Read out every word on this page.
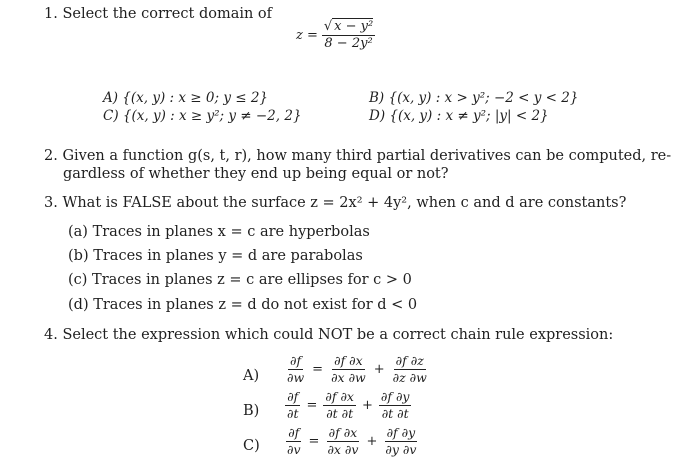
1. Select the correct domain of
$z = \frac{\text{√ x − y²}}{\text{8 − 2y²}}$
A) {(x, y) : x ≥ 0; y ≤ 2}	B) {(x, y) : x > y²; −2 < y < 2}
C) {(x, y) : x ≥ y²; y ≠ −2, 2}	D) {(x, y) : x ≠ y²; |y| < 2}
2. Given a function g(s, t, r), how many third partial derivatives can be computed, re-
gardless of whether they end up being equal or not?
3. What is FALSE about the surface z = 2x² + 4y², when c and d are constants?
(a) Traces in planes x = c are hyperbolas
(b) Traces in planes y = d are parabolas
(c) Traces in planes z = c are ellipses for c > 0
(d) Traces in planes z = d do not exist for d < 0
4. Select the expression which could NOT be a correct chain rule expression:
$A) \frac{\partial f}{\partial w} = \frac{\partial f \partial x}{\partial x \partial w} + \frac{\partial f \partial z}{\partial z \partial w}$
$B) \frac{\partial f}{\partial t} = \frac{\partial f \partial x}{\partial t \partial t} + \frac{\partial f \partial y}{\partial t \partial t}$
$C) \frac{\partial f}{\partial v} = \frac{\partial f \partial x}{\partial x \partial v} + \frac{\partial f \partial y}{\partial y \partial v}$
